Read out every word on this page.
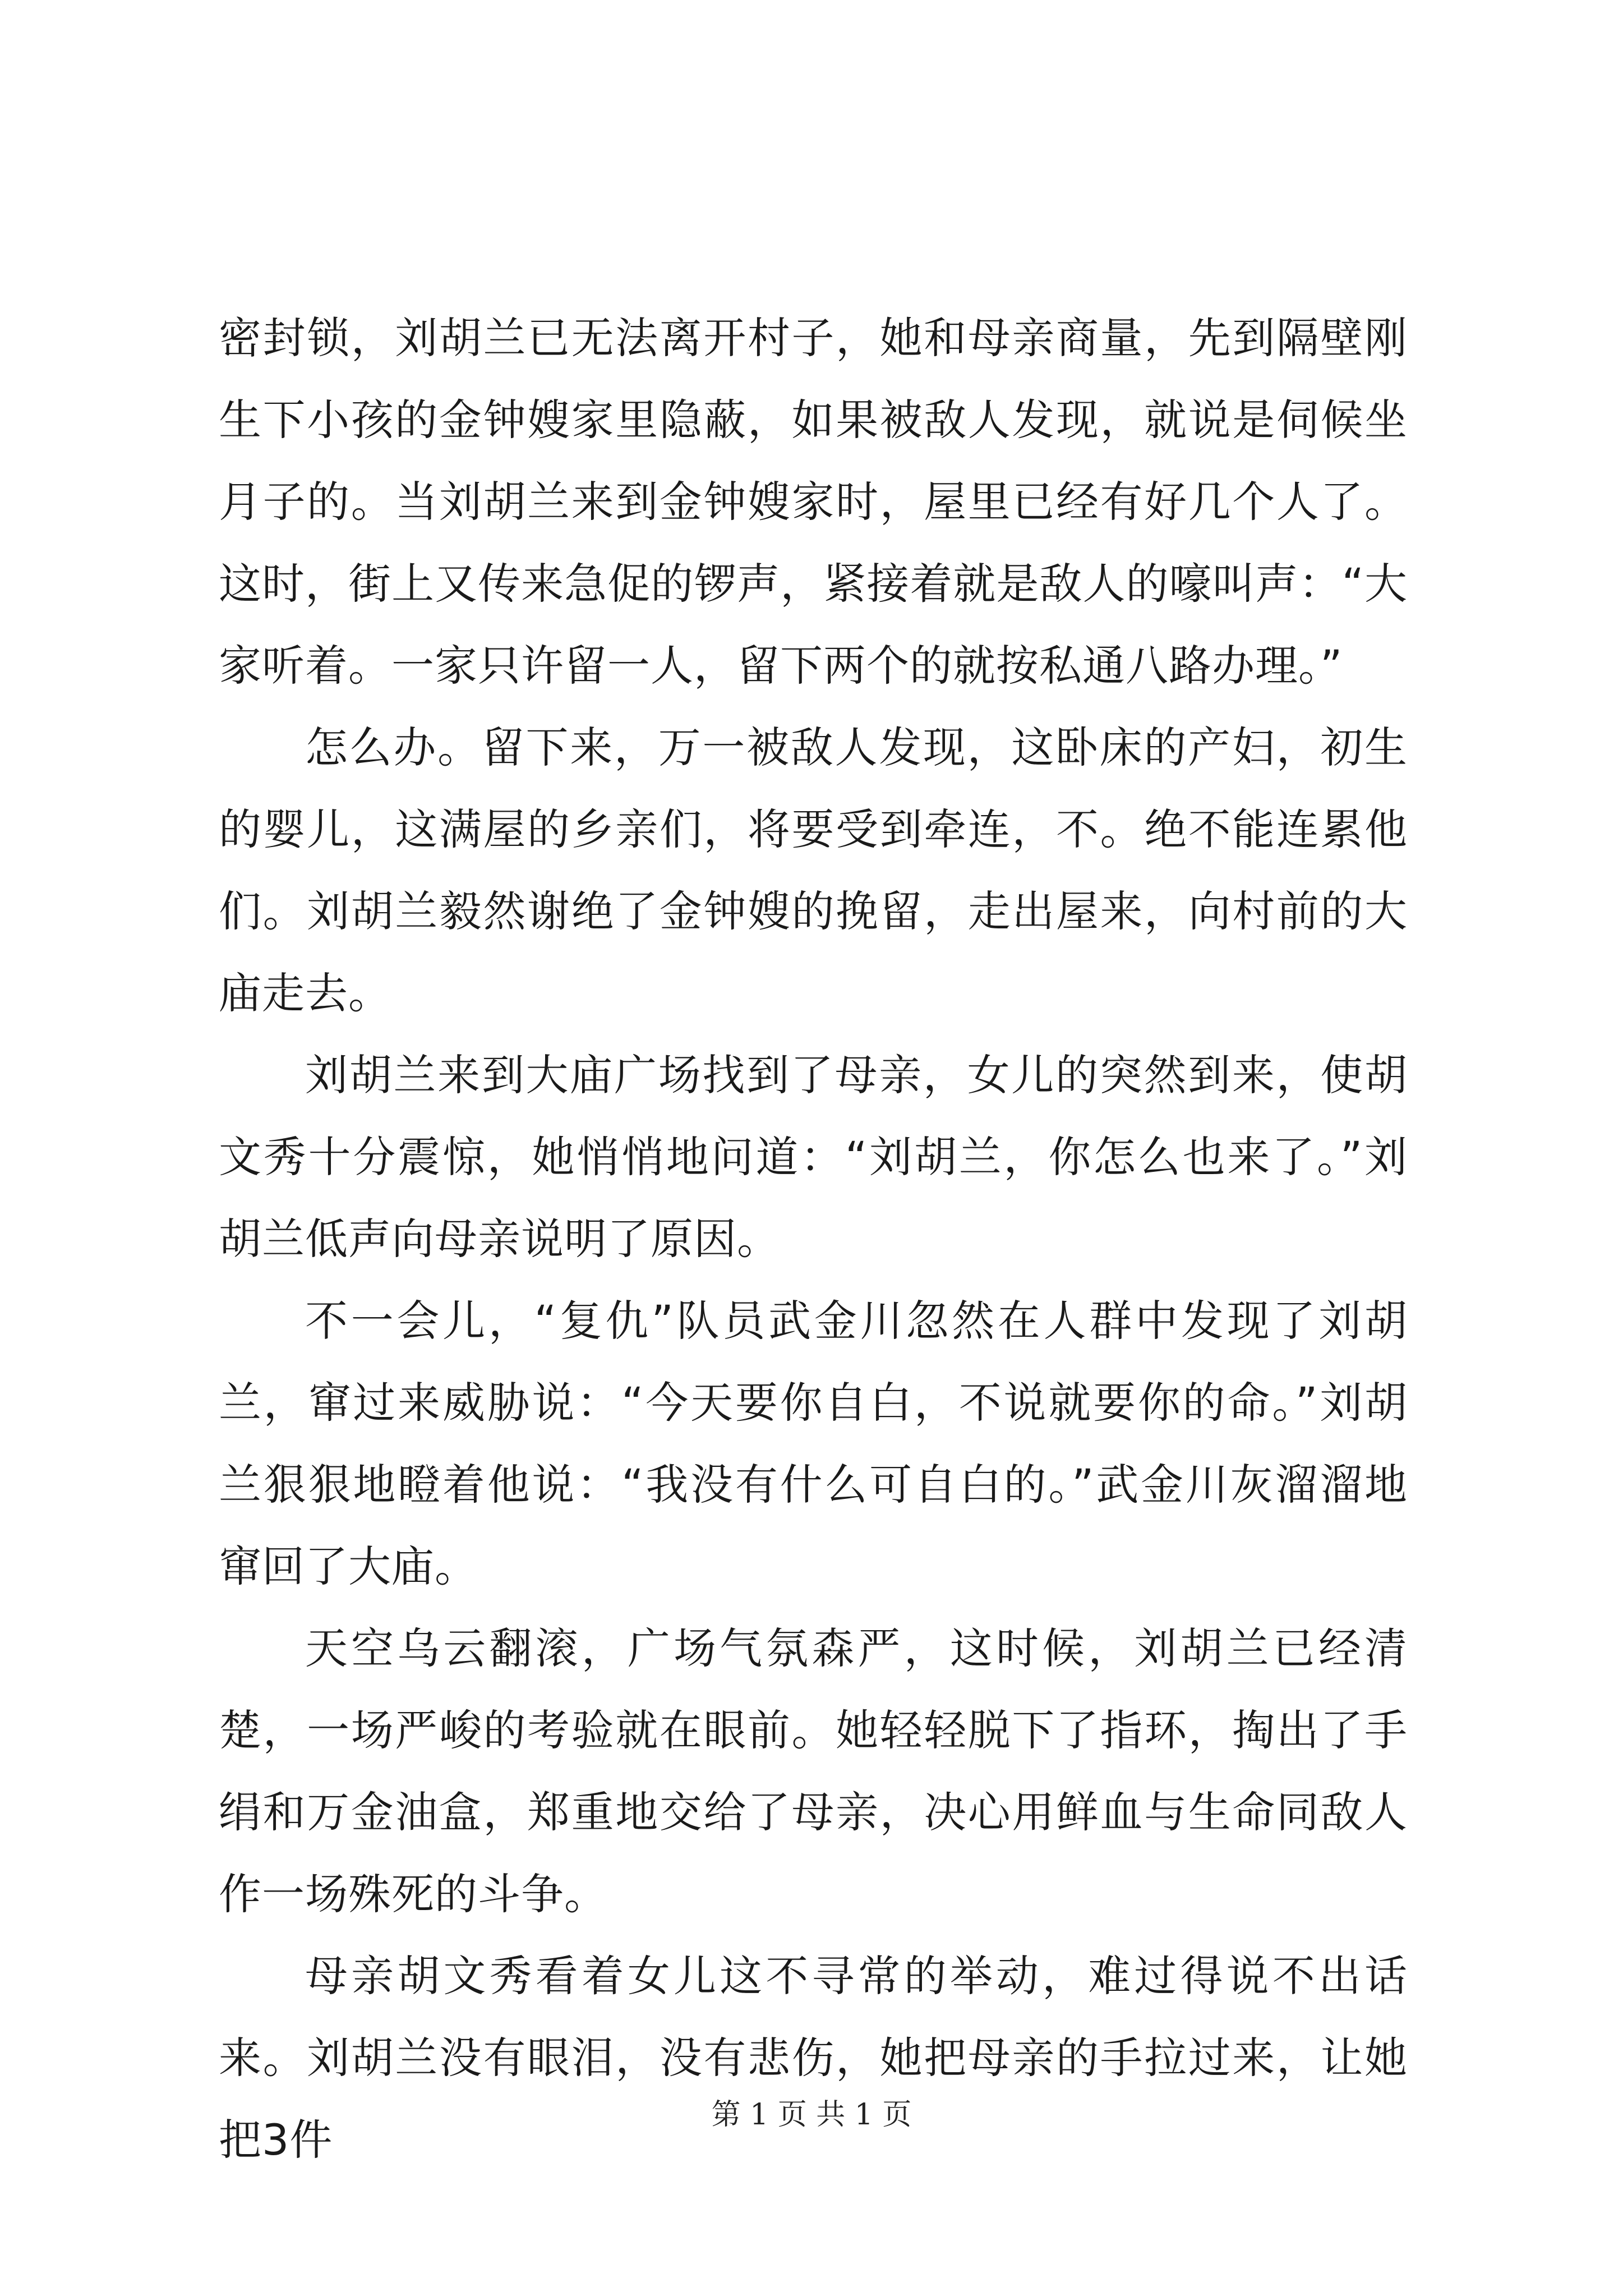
密封锁，刘胡兰已无法离开村子，她和母亲商量，先到隔壁刚生下小孩的金钟嫂家里隐蔽，如果被敌人发现，就说是伺候坐月子的。当刘胡兰来到金钟嫂家时，屋里已经有好几个人了。这时，街上又传来急促的锣声，紧接着就是敌人的嚎叫声：“大家听着。一家只许留一人，留下两个的就按私通八路办理。”

怎么办。留下来，万一被敌人发现，这卧床的产妇，初生的婴儿，这满屋的乡亲们，将要受到牵连，不。绝不能连累他们。刘胡兰毅然谢绝了金钟嫂的挽留，走出屋来，向村前的大庙走去。

刘胡兰来到大庙广场找到了母亲，女儿的突然到来，使胡文秀十分震惊，她悄悄地问道：“刘胡兰，你怎么也来了。”刘胡兰低声向母亲说明了原因。

不一会儿，“复仇”队员武金川忽然在人群中发现了刘胡兰，窜过来威胁说：“今天要你自白，不说就要你的命。”刘胡兰狠狠地瞪着他说：“我没有什么可自白的。”武金川灰溜溜地窜回了大庙。

天空乌云翻滚，广场气氛森严，这时候，刘胡兰已经清楚，一场严峻的考验就在眼前。她轻轻脱下了指环，掏出了手绢和万金油盒，郑重地交给了母亲，决心用鲜血与生命同敌人作一场殊死的斗争。

母亲胡文秀看着女儿这不寻常的举动，难过得说不出话来。刘胡兰没有眼泪，没有悲伤，她把母亲的手拉过来，让她把3件	第 1 页 共 1 页
